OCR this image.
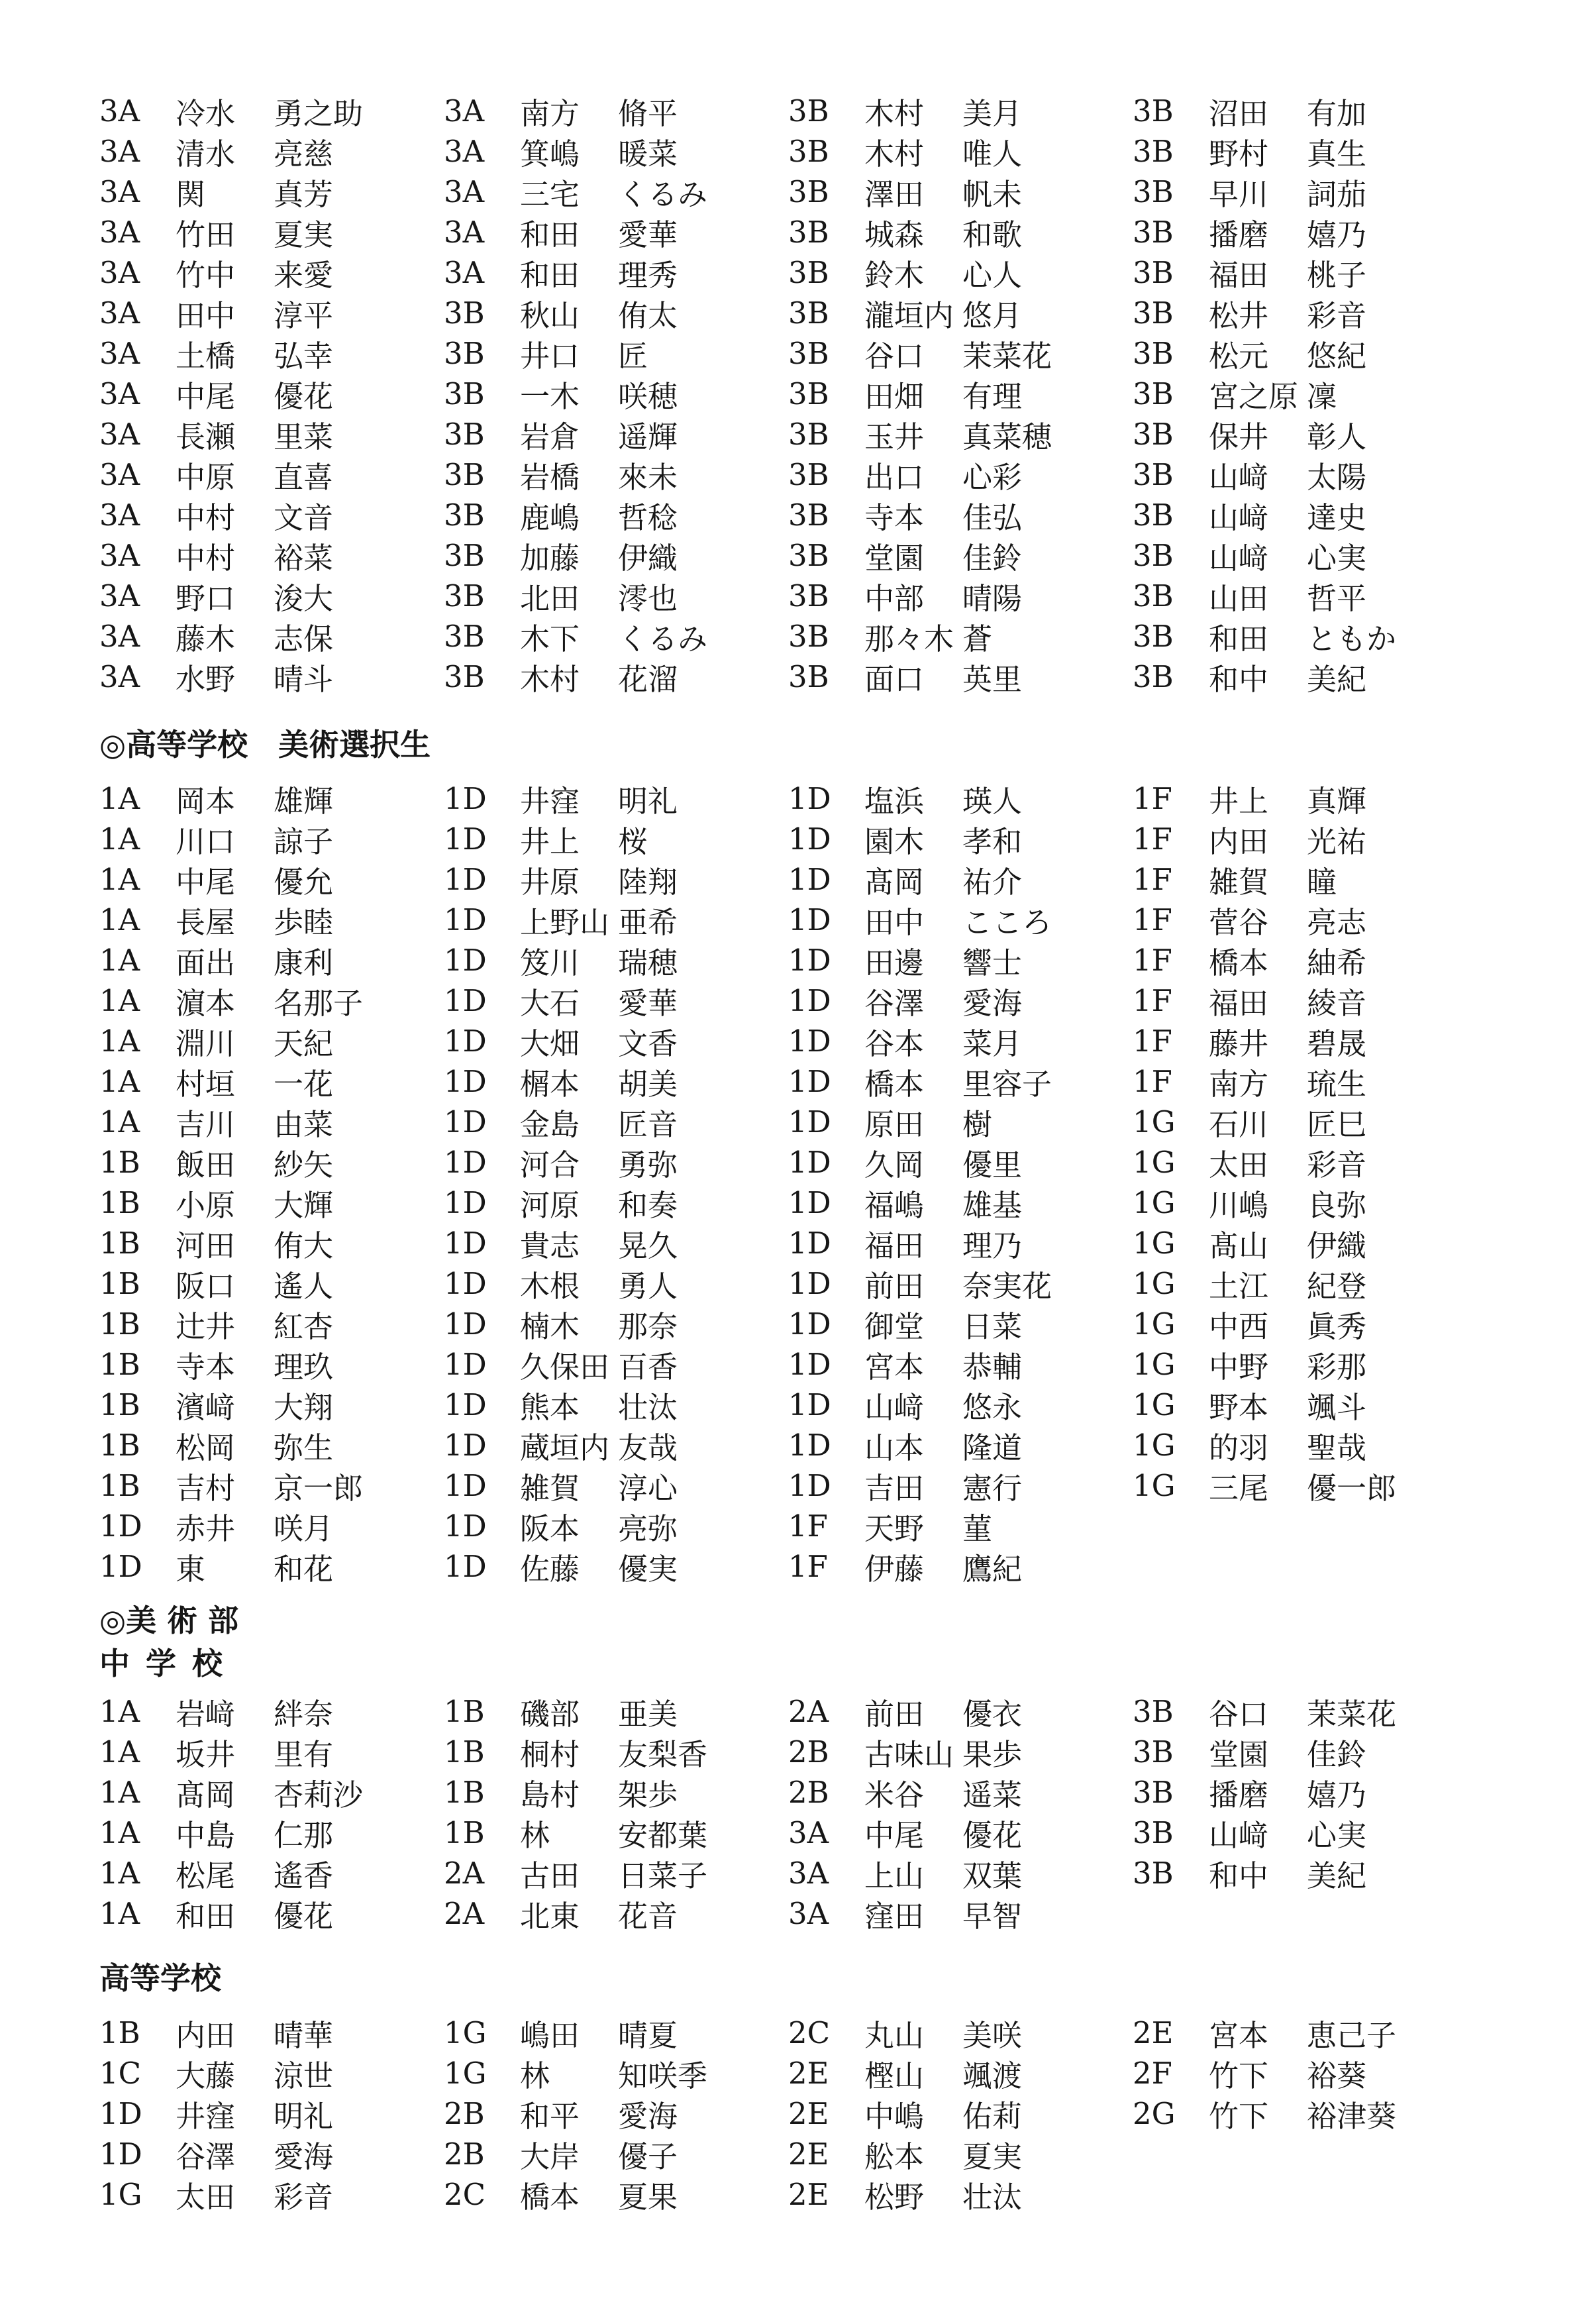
3A	冷水	勇之助
3A	清水	亮慈
3A	関	真芳
3A	竹田	夏実
3A	竹中	来愛
3A	田中	淳平
3A	土橋	弘幸
3A	中尾	優花
3A	長瀬	里菜
3A	中原	直喜
3A	中村	文音
3A	中村	裕菜
3A	野口	浚大
3A	藤木	志保
3A	水野	晴斗
3A	南方	脩平
3A	箕嶋	暖菜
3A	三宅	くるみ
3A	和田	愛華
3A	和田	理秀
3B	秋山	侑太
3B	井口	匠
3B	一木	咲穂
3B	岩倉	遥輝
3B	岩橋	來未
3B	鹿嶋	哲稔
3B	加藤	伊織
3B	北田	澪也
3B	木下	くるみ
3B	木村	花溜
3B	木村	美月
3B	木村	唯人
3B	澤田	帆未
3B	城森	和歌
3B	鈴木	心人
3B	瀧垣内 悠月
3B	谷口	茉菜花
3B	田畑	有理
3B	玉井	真菜穂
3B	出口	心彩
3B	寺本	佳弘
3B	堂園	佳鈴
3B	中部	晴陽
3B	那々木 蒼
3B	面口	英里
3B	沼田	有加
3B	野村	真生
3B	早川	詞茄
3B	播磨	嬉乃
3B	福田	桃子
3B	松井	彩音
3B	松元	悠紀
3B	宮之原 凜
3B	保井	彰人
3B	山﨑	太陽
3B	山﨑	達史
3B	山﨑	心実
3B	山田	哲平
3B	和田	ともか
3B	和中	美紀
◎高等学校　美術選択生
1A	岡本	雄輝
1A	川口	諒子
1A	中尾	優允
1A	長屋	歩睦
1A	面出	康利
1A	濵本	名那子
1A	淵川	天紀
1A	村垣	一花
1A	吉川	由菜
1B	飯田	紗矢
1B	小原	大輝
1B	河田	侑大
1B	阪口	遙人
1B	辻井	紅杏
1B	寺本	理玖
1B	濱﨑	大翔
1B	松岡	弥生
1B	吉村	京一郎
1D	赤井	咲月
1D	東	和花
1D	井窪	明礼
1D	井上	桜
1D	井原	陸翔
1D	上野山 亜希
1D	笈川	瑞穂
1D	大石	愛華
1D	大畑	文香
1D	榍本	胡美
1D	金島	匠音
1D	河合	勇弥
1D	河原	和奏
1D	貴志	晃久
1D	木根	勇人
1D	楠木	那奈
1D	久保田 百香
1D	熊本	壮汰
1D	蔵垣内 友哉
1D	雑賀	淳心
1D	阪本	亮弥
1D	佐藤	優実
1D	塩浜	瑛人
1D	園木	孝和
1D	髙岡	祐介
1D	田中	こころ
1D	田邊	響士
1D	谷澤	愛海
1D	谷本	菜月
1D	橋本	里容子
1D	原田	樹
1D	久岡	優里
1D	福嶋	雄基
1D	福田	理乃
1D	前田	奈実花
1D	御堂	日菜
1D	宮本	恭輔
1D	山﨑	悠永
1D	山本	隆道
1D	吉田	憲行
1F	天野	菫
1F	伊藤	鷹紀
1F	井上	真輝
1F	内田	光祐
1F	雑賀	瞳
1F	菅谷	亮志
1F	橋本	紬希
1F	福田	綾音
1F	藤井	碧晟
1F	南方	琉生
1G	石川	匠巳
1G	太田	彩音
1G	川嶋	良弥
1G	髙山	伊織
1G	土江	紀登
1G	中西	眞秀
1G	中野	彩那
1G	野本	颯斗
1G	的羽	聖哉
1G	三尾	優一郎
◎美 術 部
中学校
1A	岩﨑	絆奈
1A	坂井	里有
1A	髙岡	杏莉沙
1A	中島	仁那
1A	松尾	遙香
1A	和田	優花
1B	磯部	亜美
1B	桐村	友梨香
1B	島村	架歩
1B	林	安都葉
2A	古田	日菜子
2A	北東	花音
2A	前田	優衣
2B	古味山 果歩
2B	米谷	遥菜
3A	中尾	優花
3A	上山	双葉
3A	窪田	早智
3B	谷口	茉菜花
3B	堂園	佳鈴
3B	播磨	嬉乃
3B	山﨑	心実
3B	和中	美紀
高等学校
1B	内田	晴華
1C	大藤	涼世
1D	井窪	明礼
1D	谷澤	愛海
1G	太田	彩音
1G	嶋田	晴夏
1G	林	知咲季
2B	和平	愛海
2B	大岸	優子
2C	橋本	夏果
2C	丸山	美咲
2E	樫山	颯渡
2E	中嶋	佑莉
2E	舩本	夏実
2E	松野	壮汰
2E	宮本	恵己子
2F	竹下	裕葵
2G	竹下	裕津葵
